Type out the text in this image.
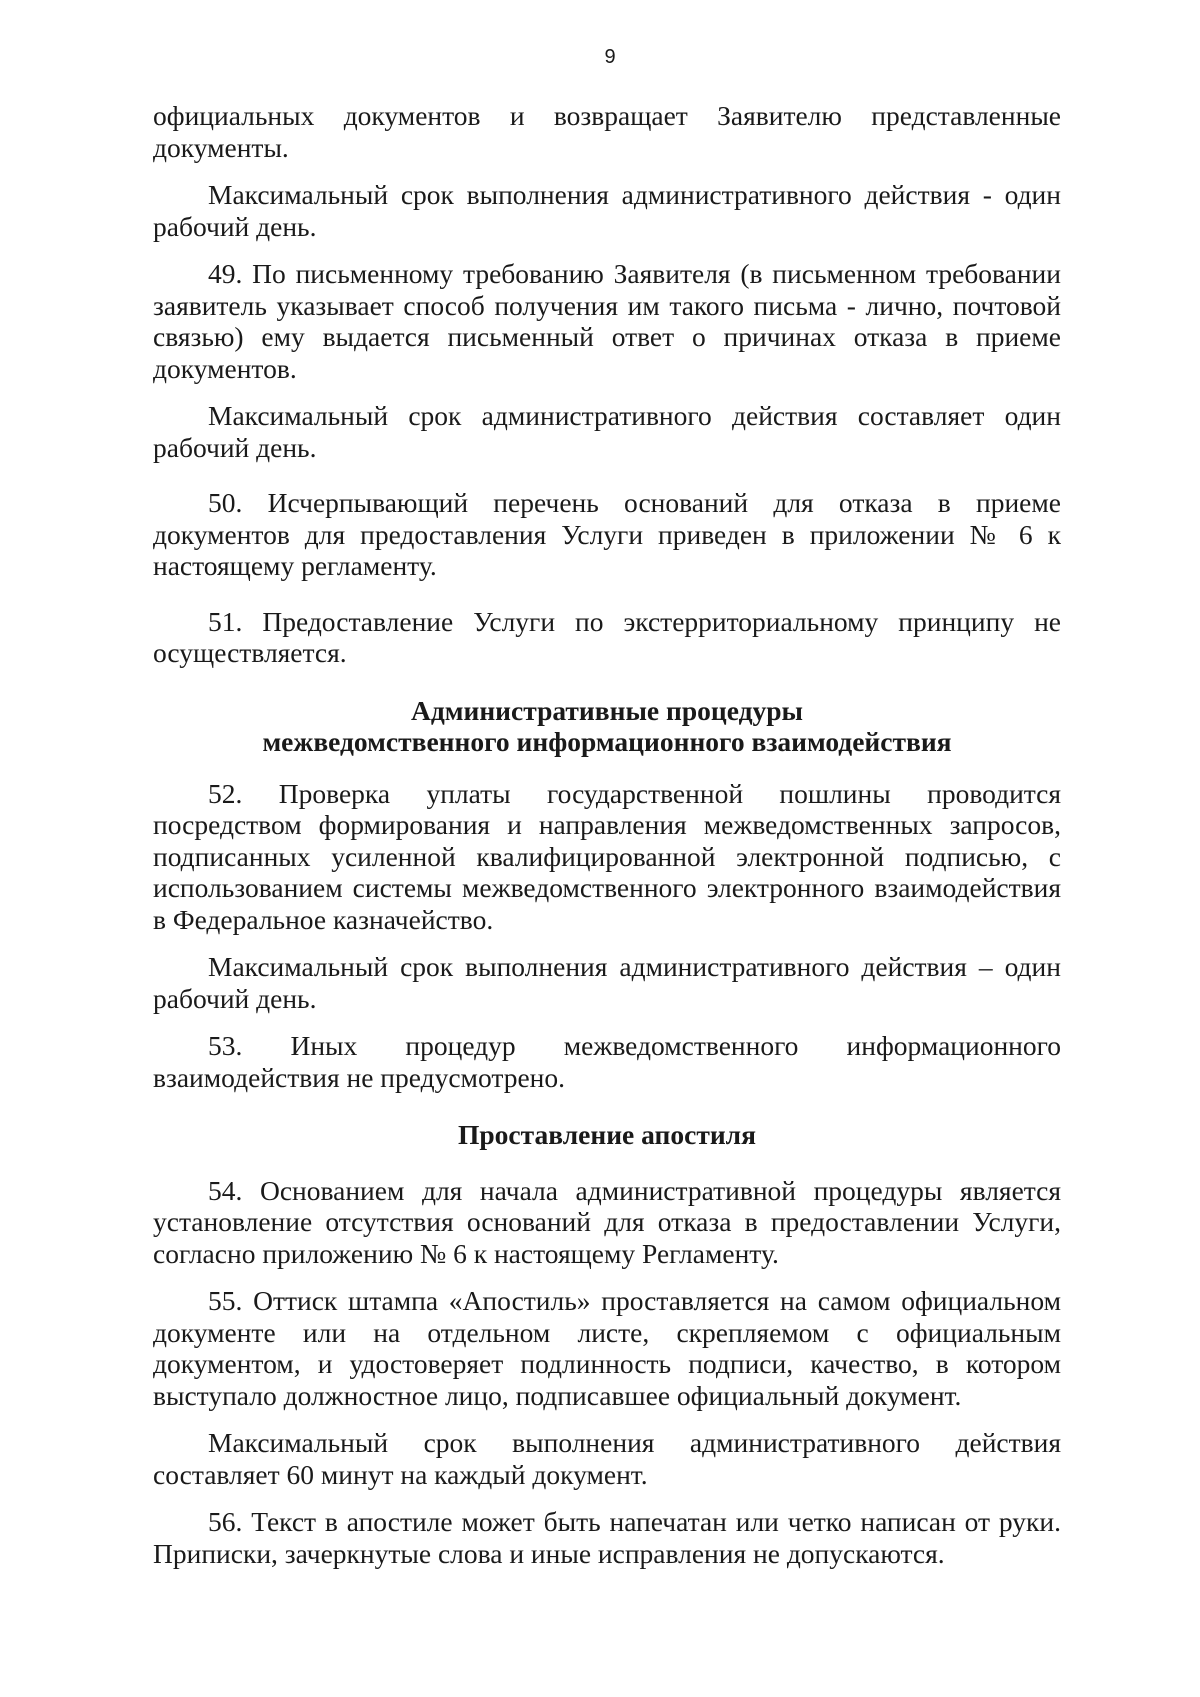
9

официальных документов и возвращает Заявителю представленные документы.

Максимальный срок выполнения административного действия - один рабочий день.

49. По письменному требованию Заявителя (в письменном требовании заявитель указывает способ получения им такого письма - лично, почтовой связью) ему выдается письменный ответ о причинах отказа в приеме документов.

Максимальный срок административного действия составляет один рабочий день.

50. Исчерпывающий перечень оснований для отказа в приеме документов для предоставления Услуги приведен в приложении № 6 к настоящему регламенту.

51. Предоставление Услуги по экстерриториальному принципу не осуществляется.

Административные процедуры
межведомственного информационного взаимодействия

52. Проверка уплаты государственной пошлины проводится посредством формирования и направления межведомственных запросов, подписанных усиленной квалифицированной электронной подписью, с использованием системы межведомственного электронного взаимодействия в Федеральное казначейство.

Максимальный срок выполнения административного действия – один рабочий день.

53. Иных процедур межведомственного информационного взаимодействия не предусмотрено.

Проставление апостиля

54. Основанием для начала административной процедуры является установление отсутствия оснований для отказа в предоставлении Услуги, согласно приложению № 6 к настоящему Регламенту.

55. Оттиск штампа «Апостиль» проставляется на самом официальном документе или на отдельном листе, скрепляемом с официальным документом, и удостоверяет подлинность подписи, качество, в котором выступало должностное лицо, подписавшее официальный документ.

Максимальный срок выполнения административного действия составляет 60 минут на каждый документ.

56. Текст в апостиле может быть напечатан или четко написан от руки. Приписки, зачеркнутые слова и иные исправления не допускаются.
